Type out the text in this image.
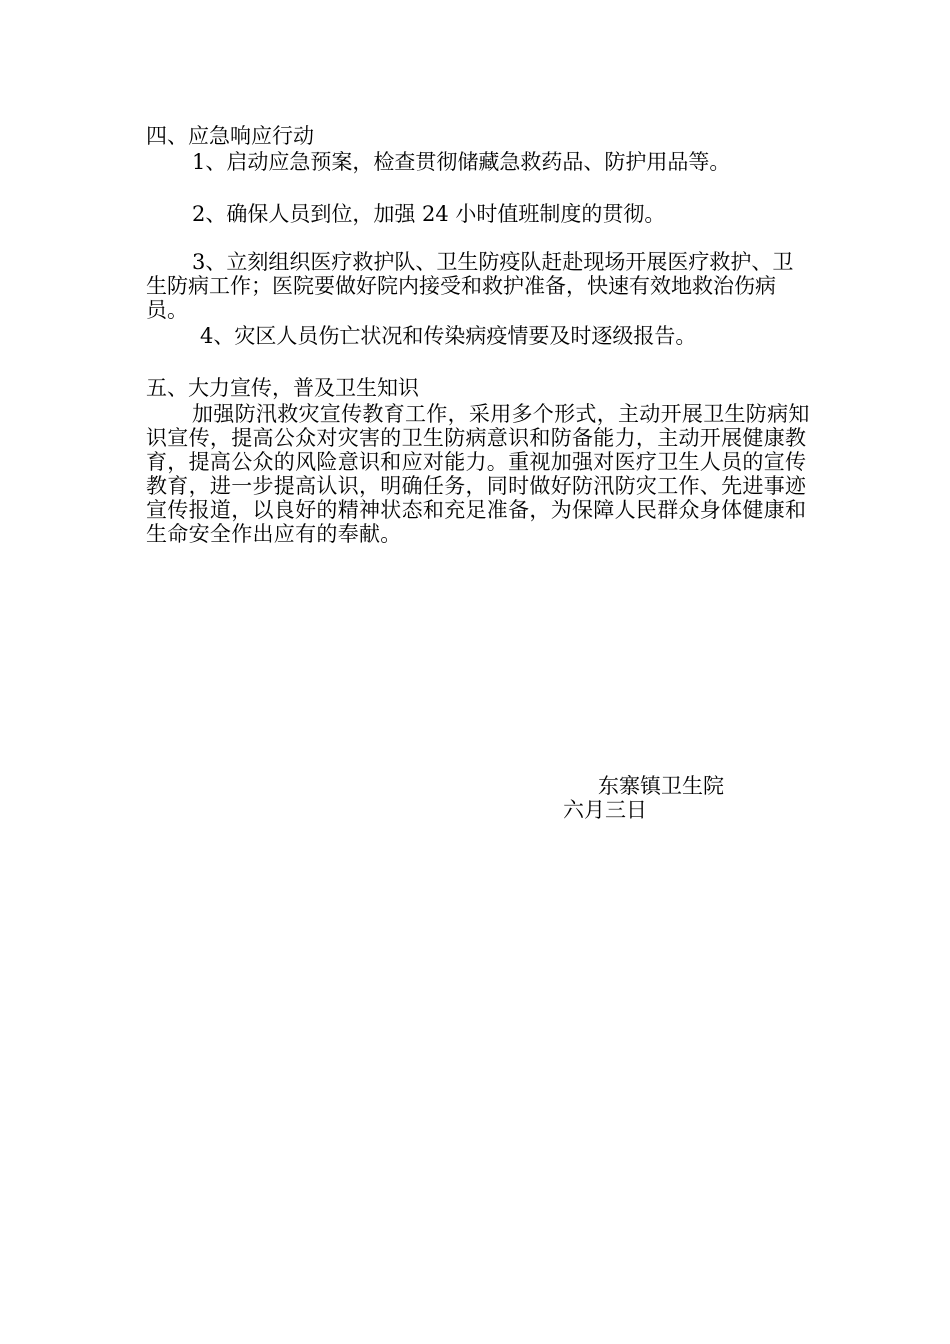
四、应急响应行动
1、启动应急预案，检查贯彻储藏急救药品、防护用品等。
2、确保人员到位，加强 24 小时值班制度的贯彻。
3、立刻组织医疗救护队、卫生防疫队赶赴现场开展医疗救护、卫生防病工作；医院要做好院内接受和救护准备，快速有效地救治伤病员。
4、灾区人员伤亡状况和传染病疫情要及时逐级报告。
五、大力宣传，普及卫生知识
加强防汛救灾宣传教育工作，采用多个形式，主动开展卫生防病知识宣传，提高公众对灾害的卫生防病意识和防备能力，主动开展健康教育，提高公众的风险意识和应对能力。重视加强对医疗卫生人员的宣传教育，进一步提高认识，明确任务，同时做好防汛防灾工作、先进事迹宣传报道，以良好的精神状态和充足准备，为保障人民群众身体健康和生命安全作出应有的奉献。
东寨镇卫生院
六月三日
